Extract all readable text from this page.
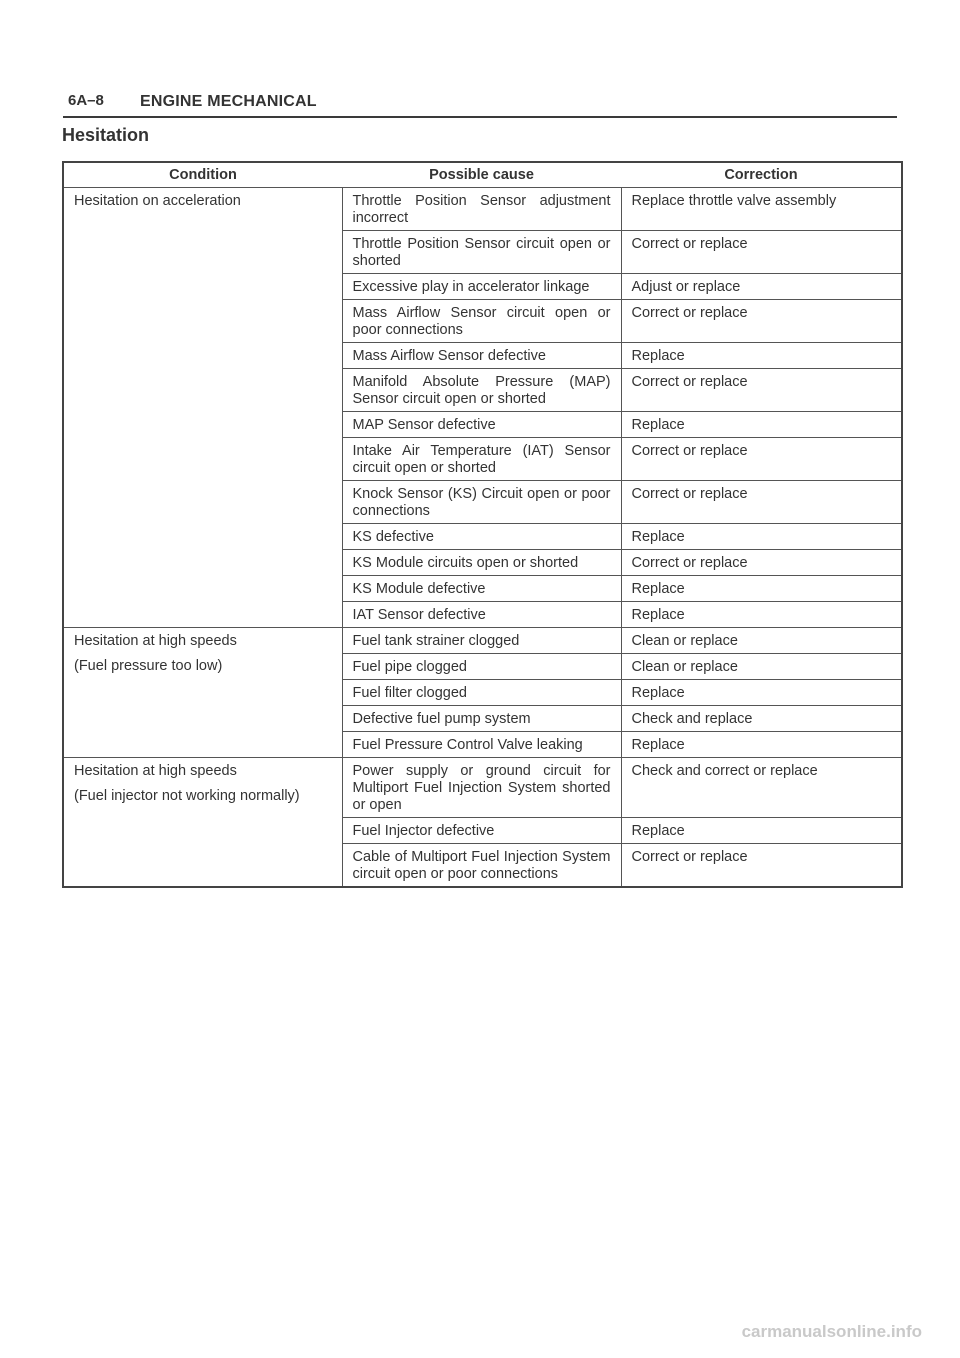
6A–8 ENGINE MECHANICAL
Hesitation
Condition	Possible cause	Correction

Hesitation on acceleration	Throttle Position Sensor adjustment incorrect	Replace throttle valve assembly
	Throttle Position Sensor circuit open or shorted	Correct or replace
	Excessive play in accelerator linkage	Adjust or replace
	Mass Airflow Sensor circuit open or poor connections	Correct or replace
	Mass Airflow Sensor defective	Replace
	Manifold Absolute Pressure (MAP) Sensor circuit open or shorted	Correct or replace
	MAP Sensor defective	Replace
	Intake Air Temperature (IAT) Sensor circuit open or shorted	Correct or replace
	Knock Sensor (KS) Circuit open or poor connections	Correct or replace
	KS defective	Replace
	KS Module circuits open or shorted	Correct or replace
	KS Module defective	Replace
	IAT Sensor defective	Replace

Hesitation at high speeds
(Fuel pressure too low)	Fuel tank strainer clogged	Clean or replace
	Fuel pipe clogged	Clean or replace
	Fuel filter clogged	Replace
	Defective fuel pump system	Check and replace
	Fuel Pressure Control Valve leaking	Replace

Hesitation at high speeds
(Fuel injector not working normally)	Power supply or ground circuit for Multiport Fuel Injection System shorted or open	Check and correct or replace
	Fuel Injector defective	Replace
	Cable of Multiport Fuel Injection System circuit open or poor connections	Correct or replace
carmanualsonline.info
